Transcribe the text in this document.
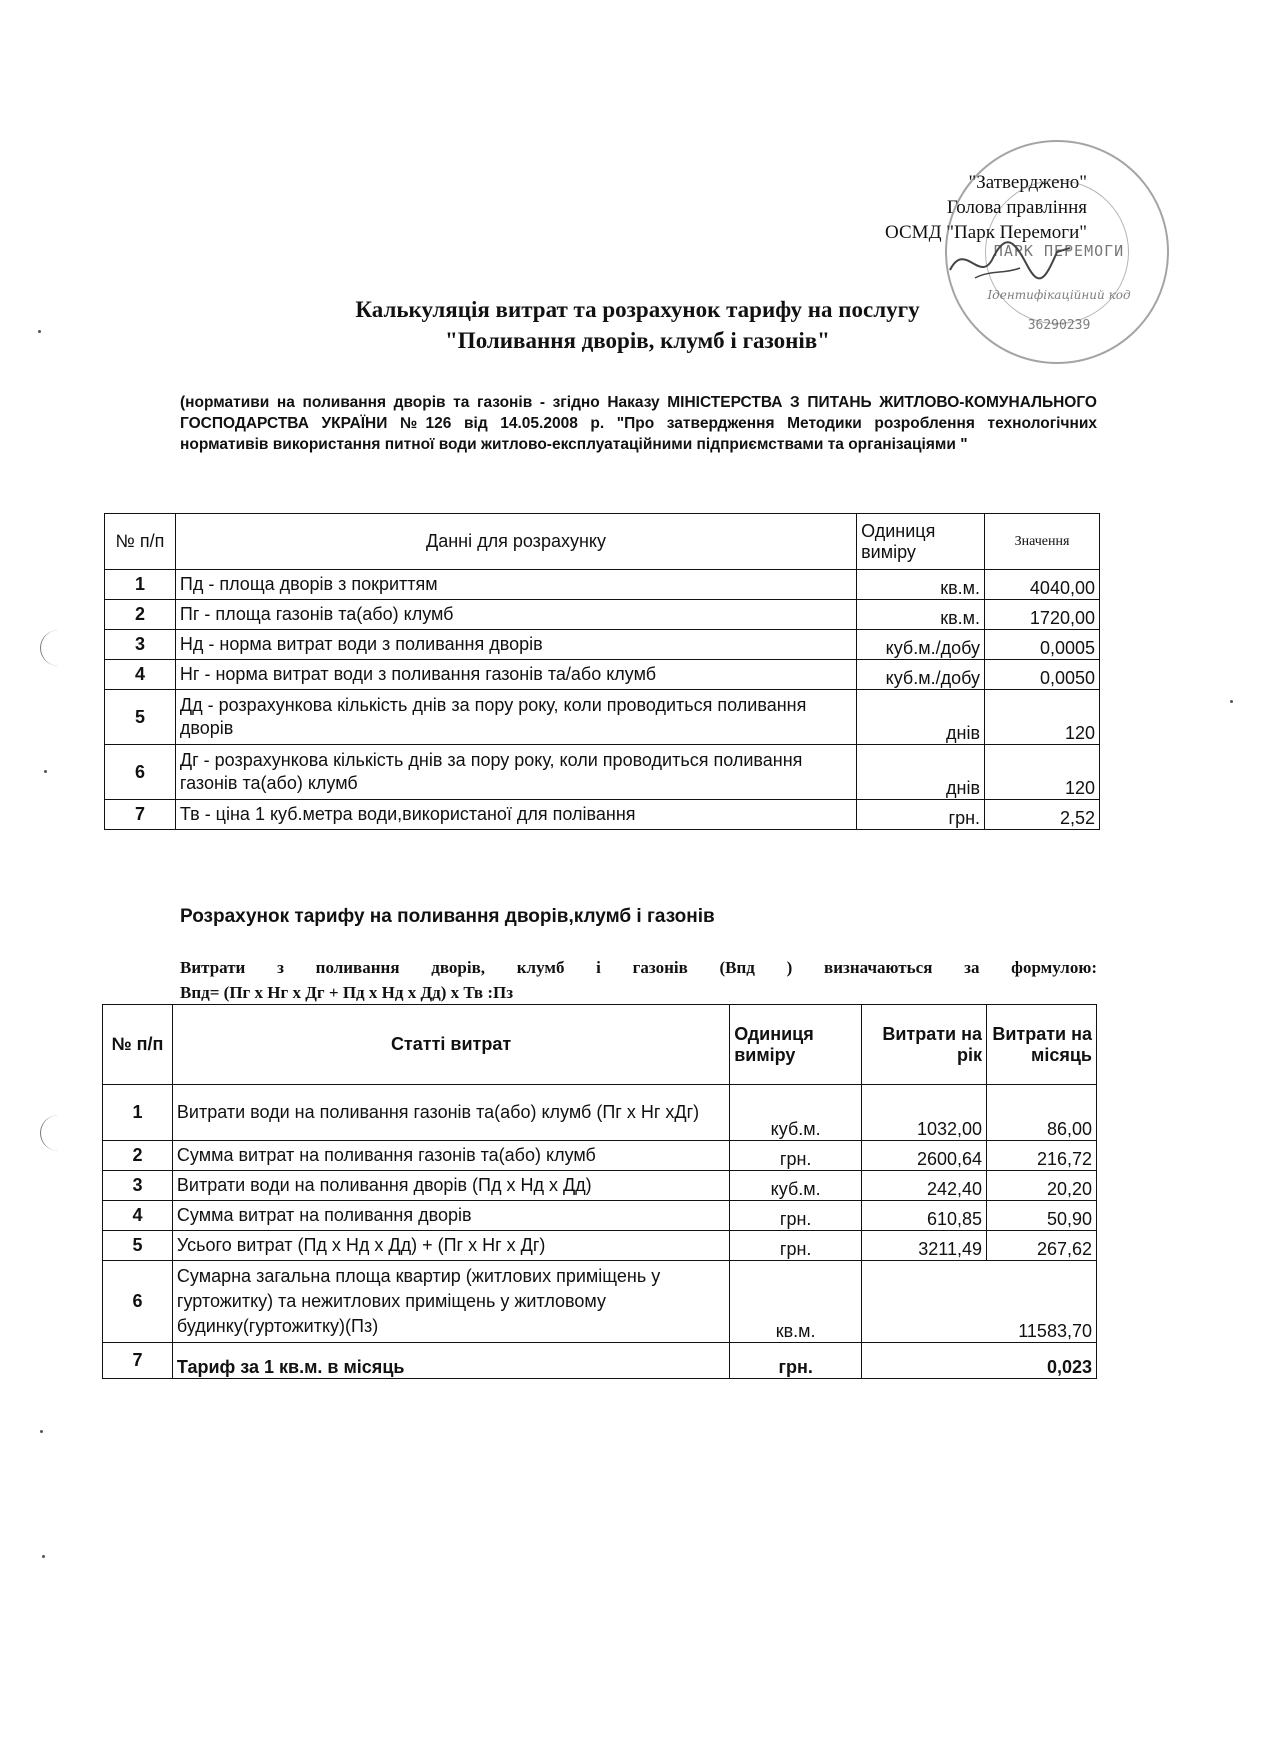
"Затверджено"
Голова правління
ОСМД "Парк Перемоги"
ПАРК ПЕРЕМОГИ
Ідентифікаційний код
36290239
Калькуляція витрат та розрахунок тарифу на послугу
"Поливання дворів, клумб і газонів"
(нормативи на поливання дворів та газонів - згідно Наказу МІНІСТЕРСТВА З ПИТАНЬ ЖИТЛОВО-КОМУНАЛЬНОГО ГОСПОДАРСТВА УКРАЇНИ №126 від 14.05.2008 р. "Про затвердження Методики розроблення технологічних нормативів використання питної води житлово-експлуатаційними підприємствами та організаціями "
№ п/п	Данні для розрахунку	Одиниця виміру	Значення
1	Пд - площа дворів з покриттям	кв.м.	4040,00
2	Пг - площа газонів та(або) клумб	кв.м.	1720,00
3	Нд - норма витрат води з поливання дворів	куб.м./добу	0,0005
4	Нг - норма витрат води з поливання газонів та/або клумб	куб.м./добу	0,0050
5	Дд - розрахункова кількість днів за пору року, коли проводиться поливання дворів	днів	120
6	Дг - розрахункова кількість днів за пору року, коли проводиться поливання газонів та(або) клумб	днів	120
7	Тв - ціна 1 куб.метра води,використаної для полівання	грн.	2,52
Розрахунок тарифу на поливання дворів,клумб і газонів
Витрати з поливання дворів, клумб і газонів (Впд ) визначаються за формулою:
Впд= (Пг х Нг х Дг + Пд х Нд х Дд) х Тв :Пз
№ п/п	Статті витрат	Одиниця виміру	Витрати на рік	Витрати на місяць
1	Витрати води на поливання газонів та(або) клумб (Пг х Нг хДг)	куб.м.	1032,00	86,00
2	Сумма витрат на поливання газонів та(або) клумб	грн.	2600,64	216,72
3	Витрати води на поливання дворів (Пд х Нд х Дд)	куб.м.	242,40	20,20
4	Сумма витрат на поливання дворів	грн.	610,85	50,90
5	Усього витрат (Пд х Нд х Дд) + (Пг х Нг х Дг)	грн.	3211,49	267,62
6	Сумарна загальна площа квартир (житлових приміщень у гуртожитку) та нежитлових приміщень у житловому будинку(гуртожитку)(Пз)	кв.м.	11583,70	
7	Тариф за 1 кв.м. в місяць	грн.	0,023	
